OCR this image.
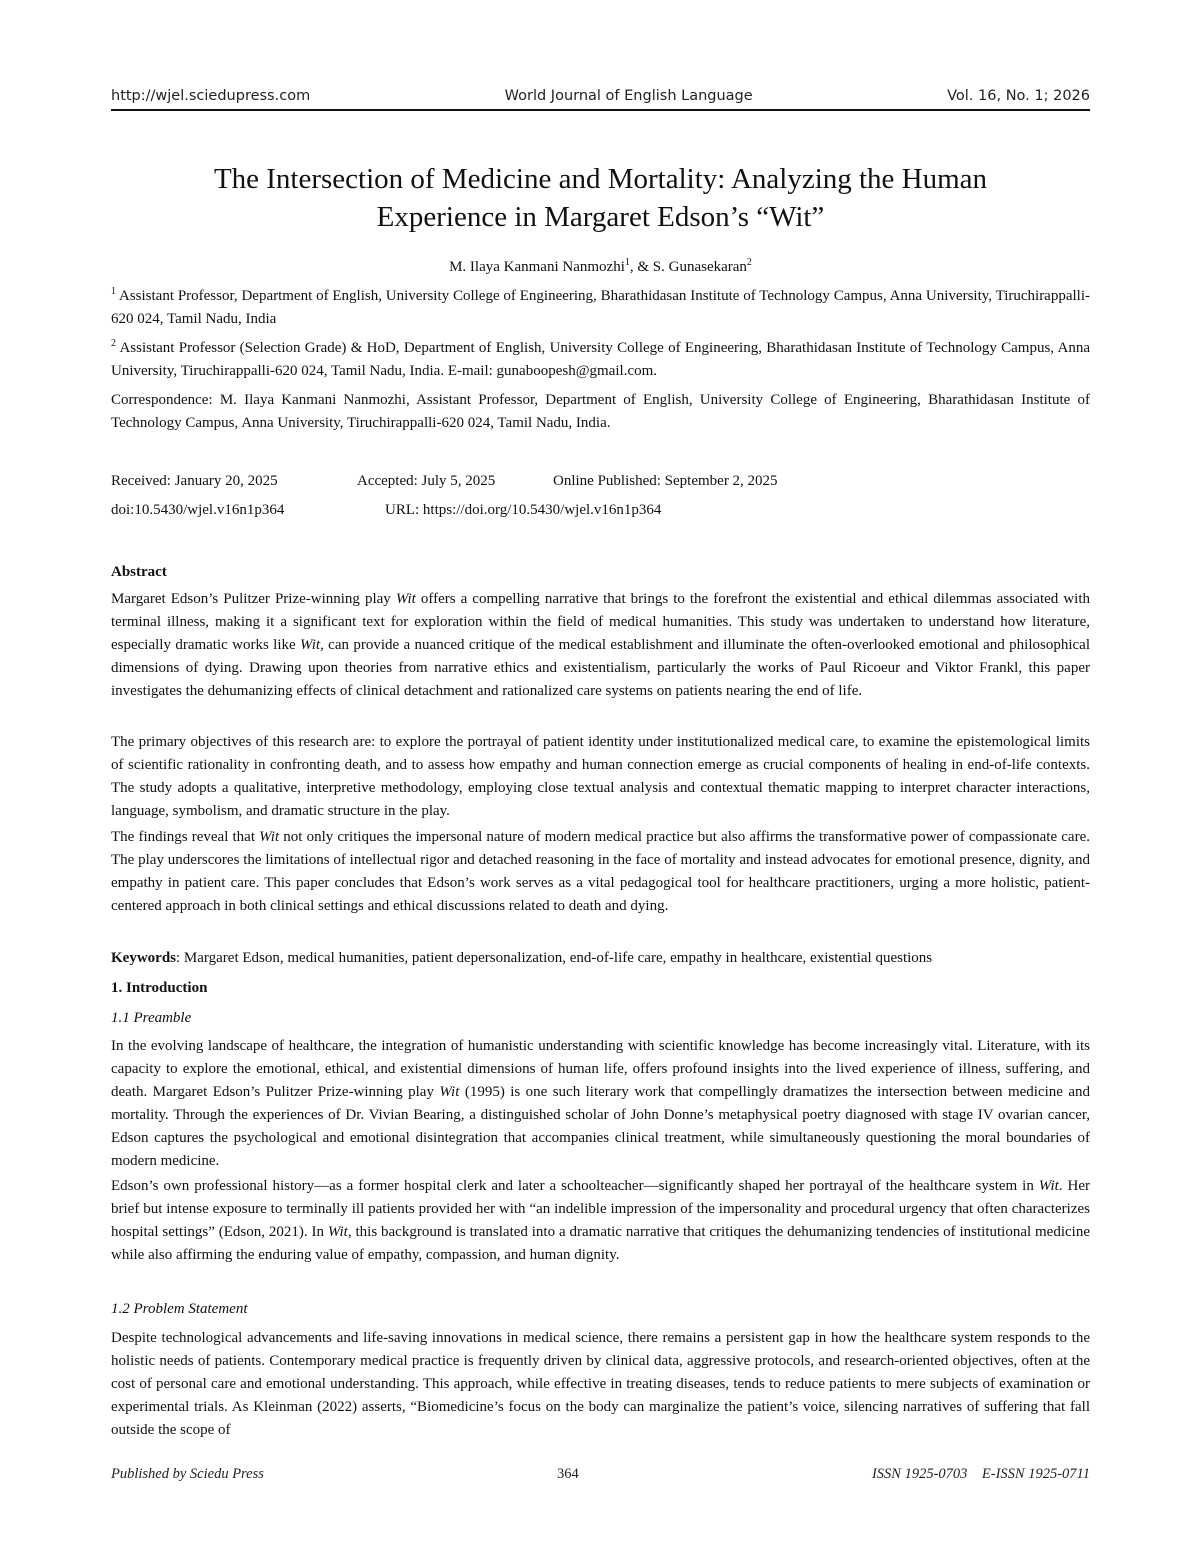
http://wjel.sciedupress.com	World Journal of English Language	Vol. 16, No. 1; 2026
The Intersection of Medicine and Mortality: Analyzing the Human
Experience in Margaret Edson’s “Wit”
M. Ilaya Kanmani Nanmozhi$^1$, & S. Gunasekaran$^2$

$^1$ Assistant Professor, Department of English, University College of Engineering, Bharathidasan Institute of Technology Campus, Anna University, Tiruchirappalli-620 024, Tamil Nadu, India

$^2$ Assistant Professor (Selection Grade) & HoD, Department of English, University College of Engineering, Bharathidasan Institute of Technology Campus, Anna University, Tiruchirappalli-620 024, Tamil Nadu, India. E-mail: gunaboopesh@gmail.com.

Correspondence: M. Ilaya Kanmani Nanmozhi, Assistant Professor, Department of English, University College of Engineering, Bharathidasan Institute of Technology Campus, Anna University, Tiruchirappalli-620 024, Tamil Nadu, India.

Received: January 20, 2025	Accepted: July 5, 2025	Online Published: September 2, 2025
doi:10.5430/wjel.v16n1p364	URL: https://doi.org/10.5430/wjel.v16n1p364
Abstract

Margaret Edson’s Pulitzer Prize-winning play Wit offers a compelling narrative that brings to the forefront the existential and ethical dilemmas associated with terminal illness, making it a significant text for exploration within the field of medical humanities. This study was undertaken to understand how literature, especially dramatic works like Wit, can provide a nuanced critique of the medical establishment and illuminate the often-overlooked emotional and philosophical dimensions of dying. Drawing upon theories from narrative ethics and existentialism, particularly the works of Paul Ricoeur and Viktor Frankl, this paper investigates the dehumanizing effects of clinical detachment and rationalized care systems on patients nearing the end of life.

The primary objectives of this research are: to explore the portrayal of patient identity under institutionalized medical care, to examine the epistemological limits of scientific rationality in confronting death, and to assess how empathy and human connection emerge as crucial components of healing in end-of-life contexts. The study adopts a qualitative, interpretive methodology, employing close textual analysis and contextual thematic mapping to interpret character interactions, language, symbolism, and dramatic structure in the play.

The findings reveal that Wit not only critiques the impersonal nature of modern medical practice but also affirms the transformative power of compassionate care. The play underscores the limitations of intellectual rigor and detached reasoning in the face of mortality and instead advocates for emotional presence, dignity, and empathy in patient care. This paper concludes that Edson’s work serves as a vital pedagogical tool for healthcare practitioners, urging a more holistic, patient-centered approach in both clinical settings and ethical discussions related to death and dying.

Keywords: Margaret Edson, medical humanities, patient depersonalization, end-of-life care, empathy in healthcare, existential questions

1. Introduction
1.1 Preamble

In the evolving landscape of healthcare, the integration of humanistic understanding with scientific knowledge has become increasingly vital. Literature, with its capacity to explore the emotional, ethical, and existential dimensions of human life, offers profound insights into the lived experience of illness, suffering, and death. Margaret Edson’s Pulitzer Prize-winning play Wit (1995) is one such literary work that compellingly dramatizes the intersection between medicine and mortality. Through the experiences of Dr. Vivian Bearing, a distinguished scholar of John Donne’s metaphysical poetry diagnosed with stage IV ovarian cancer, Edson captures the psychological and emotional disintegration that accompanies clinical treatment, while simultaneously questioning the moral boundaries of modern medicine.

Edson’s own professional history—as a former hospital clerk and later a schoolteacher—significantly shaped her portrayal of the healthcare system in Wit. Her brief but intense exposure to terminally ill patients provided her with “an indelible impression of the impersonality and procedural urgency that often characterizes hospital settings” (Edson, 2021). In Wit, this background is translated into a dramatic narrative that critiques the dehumanizing tendencies of institutional medicine while also affirming the enduring value of empathy, compassion, and human dignity.

1.2 Problem Statement

Despite technological advancements and life-saving innovations in medical science, there remains a persistent gap in how the healthcare system responds to the holistic needs of patients. Contemporary medical practice is frequently driven by clinical data, aggressive protocols, and research-oriented objectives, often at the cost of personal care and emotional understanding. This approach, while effective in treating diseases, tends to reduce patients to mere subjects of examination or experimental trials. As Kleinman (2022) asserts, “Biomedicine’s focus on the body can marginalize the patient’s voice, silencing narratives of suffering that fall outside the scope of

Published by Sciedu Press	364	ISSN 1925-0703    E-ISSN 1925-0711
